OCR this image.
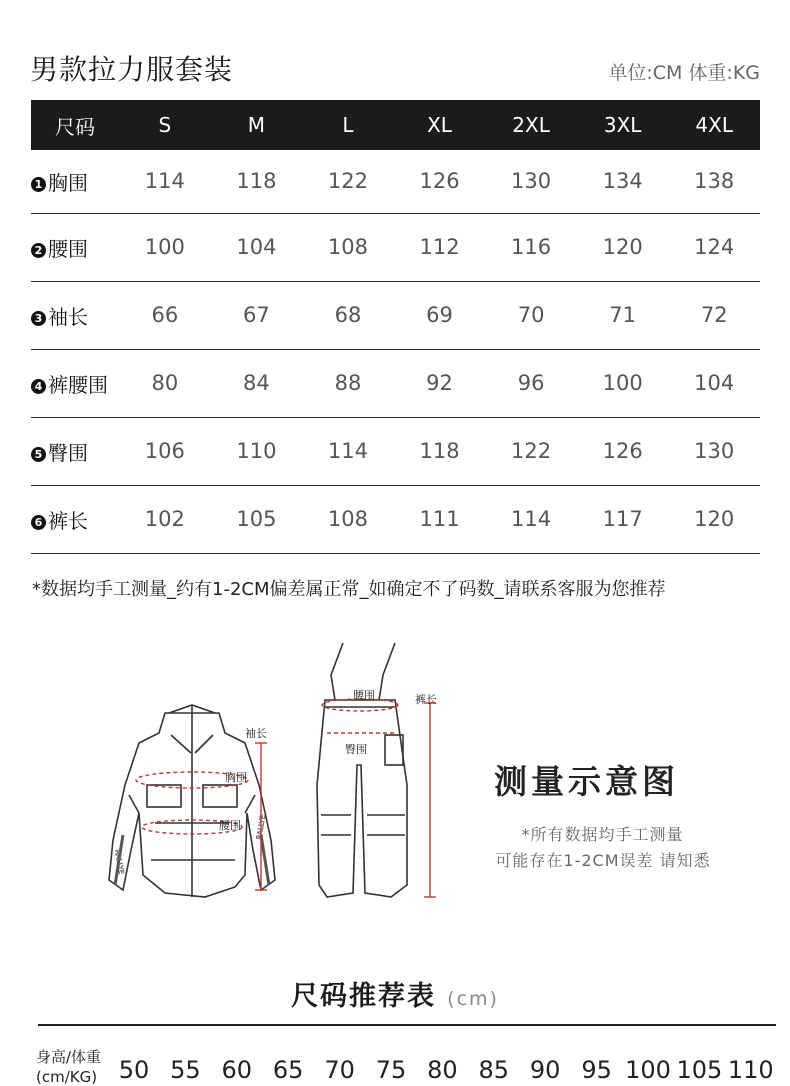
男款拉力服套装	单位:CM 体重:KG
尺码	S	M	L	XL	2XL	3XL	4XL
1 胸围	114	118	122	126	130	134	138
2 腰围	100	104	108	112	116	120	124
3 袖长	66	67	68	69	70	71	72
4 裤腰围	80	84	88	92	96	100	104
5 臀围	106	110	114	118	122	126	130
6 裤长	102	105	108	111	114	117	120
*数据均手工测量_约有1-2CM偏差属正常_如确定不了码数_请联系客服为您推荐
RALLYE
RALLYE
袖长
胸围
腰围
腰围
臀围
裤长
测量示意图
*所有数据均手工测量
可能存在1-2CM误差 请知悉
尺码推荐表 (cm)
身高/体重
(cm/KG) 50 55 60 65 70 75 80 85 90 95 100 105 110
